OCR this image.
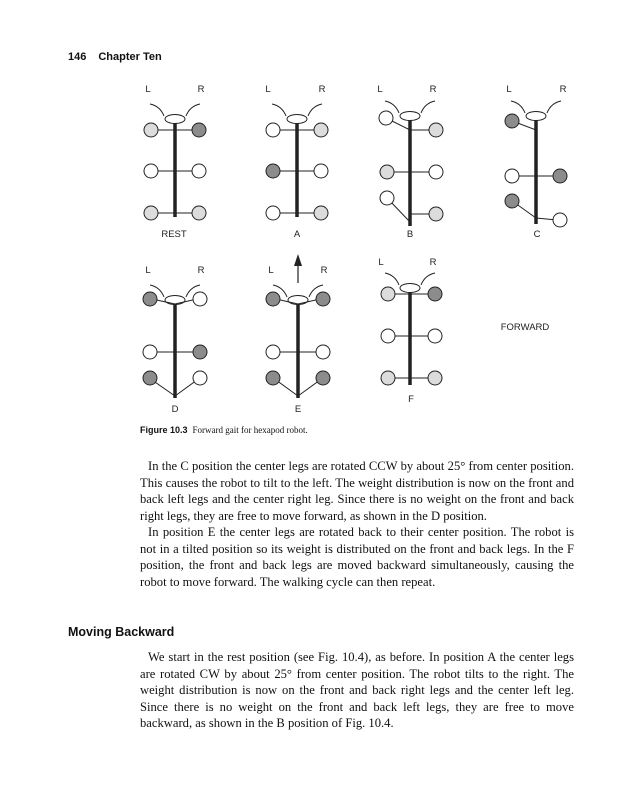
146 Chapter Ten
L	R
REST
L	R
A
L	R
B
L	R
C
L	R
D
L	R
E
L	R
F
FORWARD
Figure 10.3 Forward gait for hexapod robot.

In the C position the center legs are rotated CCW by about 25° from center position. This causes the robot to tilt to the left. The weight distribution is now on the front and back left legs and the center right leg. Since there is no weight on the front and back right legs, they are free to move forward, as shown in the D position.

In position E the center legs are rotated back to their center position. The robot is not in a tilted position so its weight is distributed on the front and back legs. In the F position, the front and back legs are moved backward simultaneously, causing the robot to move forward. The walking cycle can then repeat.

Moving Backward

We start in the rest position (see Fig. 10.4), as before. In position A the center legs are rotated CW by about 25° from center position. The robot tilts to the right. The weight distribution is now on the front and back right legs and the center left leg. Since there is no weight on the front and back left legs, they are free to move backward, as shown in the B position of Fig. 10.4.
